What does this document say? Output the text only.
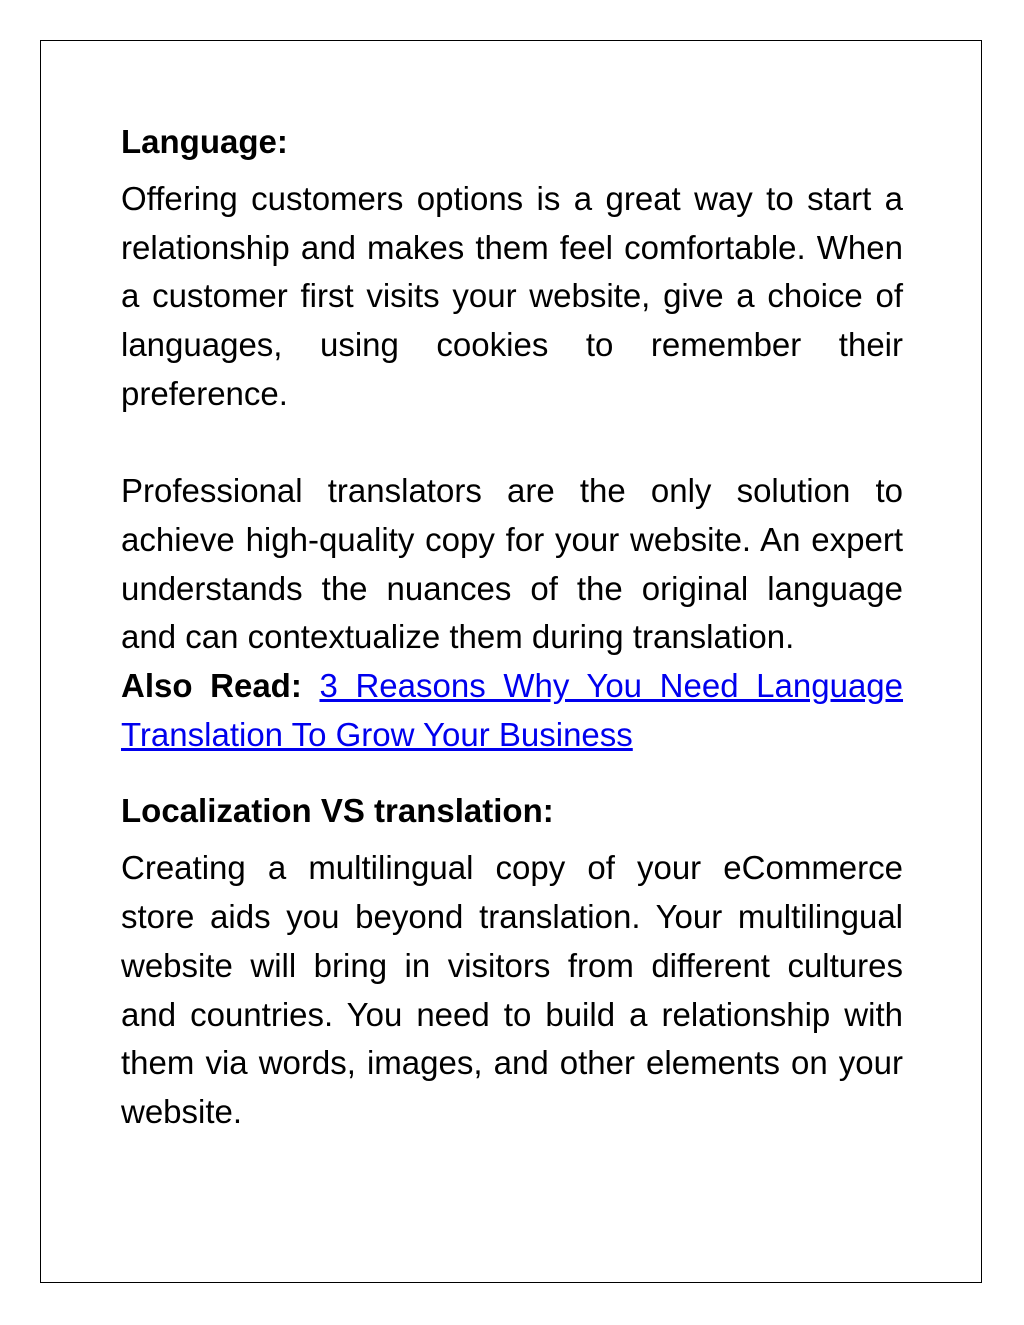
Language:

Offering customers options is a great way to start a relationship and makes them feel comfortable. When a customer first visits your website, give a choice of languages, using cookies to remember their preference.

Professional translators are the only solution to achieve high-quality copy for your website. An expert understands the nuances of the original language and can contextualize them during translation.

Also Read: 3 Reasons Why You Need Language Translation To Grow Your Business

Localization VS translation:

Creating a multilingual copy of your eCommerce store aids you beyond translation. Your multilingual website will bring in visitors from different cultures and countries. You need to build a relationship with them via words, images, and other elements on your website.
